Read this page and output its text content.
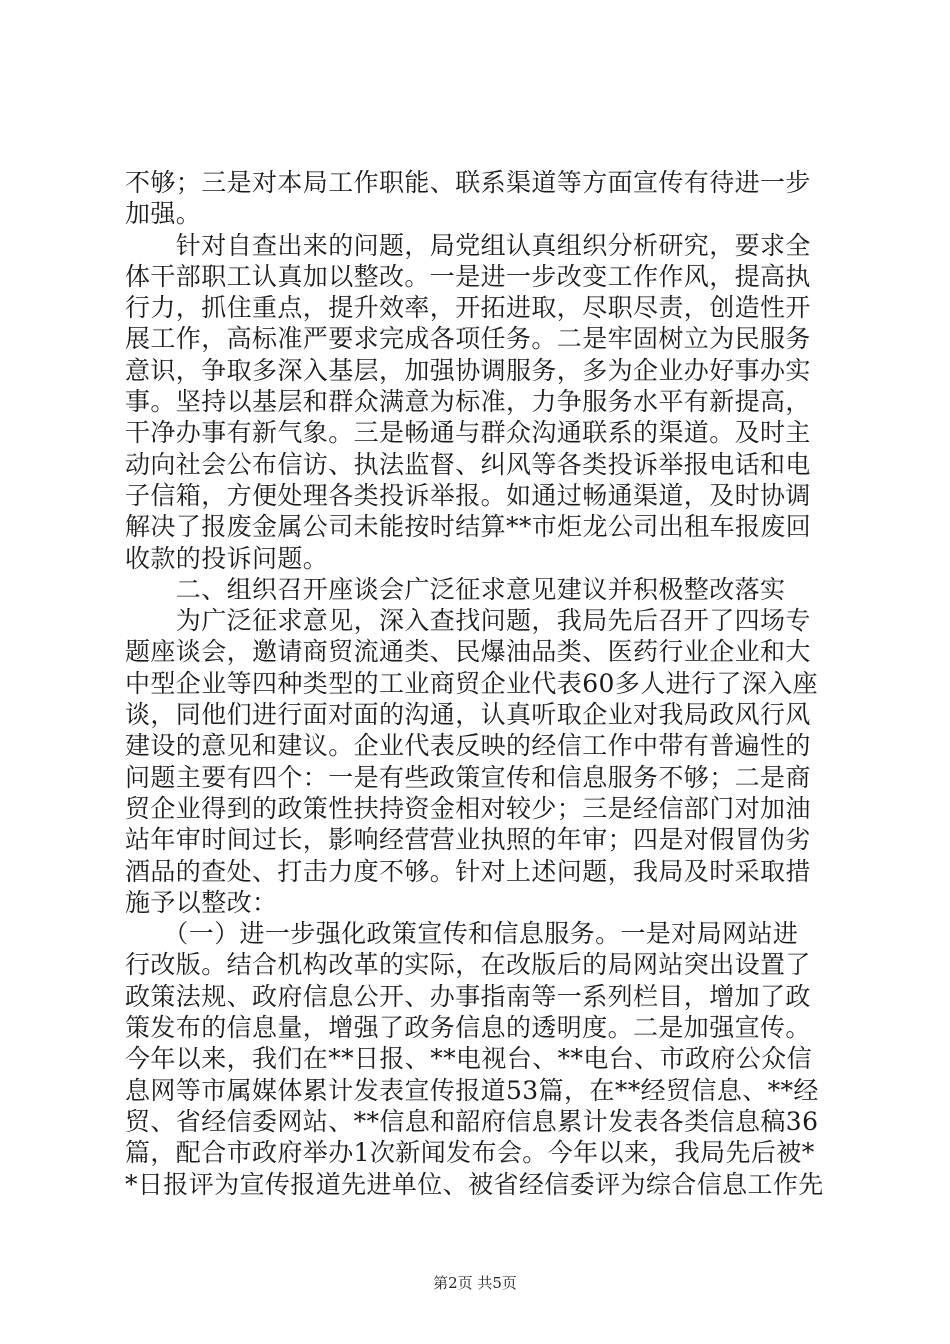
不够；三是对本局工作职能、联系渠道等方面宣传有待进一步
加强。
　　针对自查出来的问题，局党组认真组织分析研究，要求全
体干部职工认真加以整改。一是进一步改变工作作风，提高执
行力，抓住重点，提升效率，开拓进取，尽职尽责，创造性开
展工作，高标准严要求完成各项任务。二是牢固树立为民服务
意识，争取多深入基层，加强协调服务，多为企业办好事办实
事。坚持以基层和群众满意为标准，力争服务水平有新提高，
干净办事有新气象。三是畅通与群众沟通联系的渠道。及时主
动向社会公布信访、执法监督、纠风等各类投诉举报电话和电
子信箱，方便处理各类投诉举报。如通过畅通渠道，及时协调
解决了报废金属公司未能按时结算**市炬龙公司出租车报废回
收款的投诉问题。
　　二、组织召开座谈会广泛征求意见建议并积极整改落实
　　为广泛征求意见，深入查找问题，我局先后召开了四场专
题座谈会，邀请商贸流通类、民爆油品类、医药行业企业和大
中型企业等四种类型的工业商贸企业代表60多人进行了深入座
谈，同他们进行面对面的沟通，认真听取企业对我局政风行风
建设的意见和建议。企业代表反映的经信工作中带有普遍性的
问题主要有四个：一是有些政策宣传和信息服务不够；二是商
贸企业得到的政策性扶持资金相对较少；三是经信部门对加油
站年审时间过长，影响经营营业执照的年审；四是对假冒伪劣
酒品的查处、打击力度不够。针对上述问题，我局及时采取措
施予以整改：
　　（一）进一步强化政策宣传和信息服务。一是对局网站进
行改版。结合机构改革的实际，在改版后的局网站突出设置了
政策法规、政府信息公开、办事指南等一系列栏目，增加了政
策发布的信息量，增强了政务信息的透明度。二是加强宣传。
今年以来，我们在**日报、**电视台、**电台、市政府公众信
息网等市属媒体累计发表宣传报道53篇，在**经贸信息、**经
贸、省经信委网站、**信息和韶府信息累计发表各类信息稿36
篇，配合市政府举办1次新闻发布会。今年以来，我局先后被*
*日报评为宣传报道先进单位、被省经信委评为综合信息工作先
第2页 共5页
